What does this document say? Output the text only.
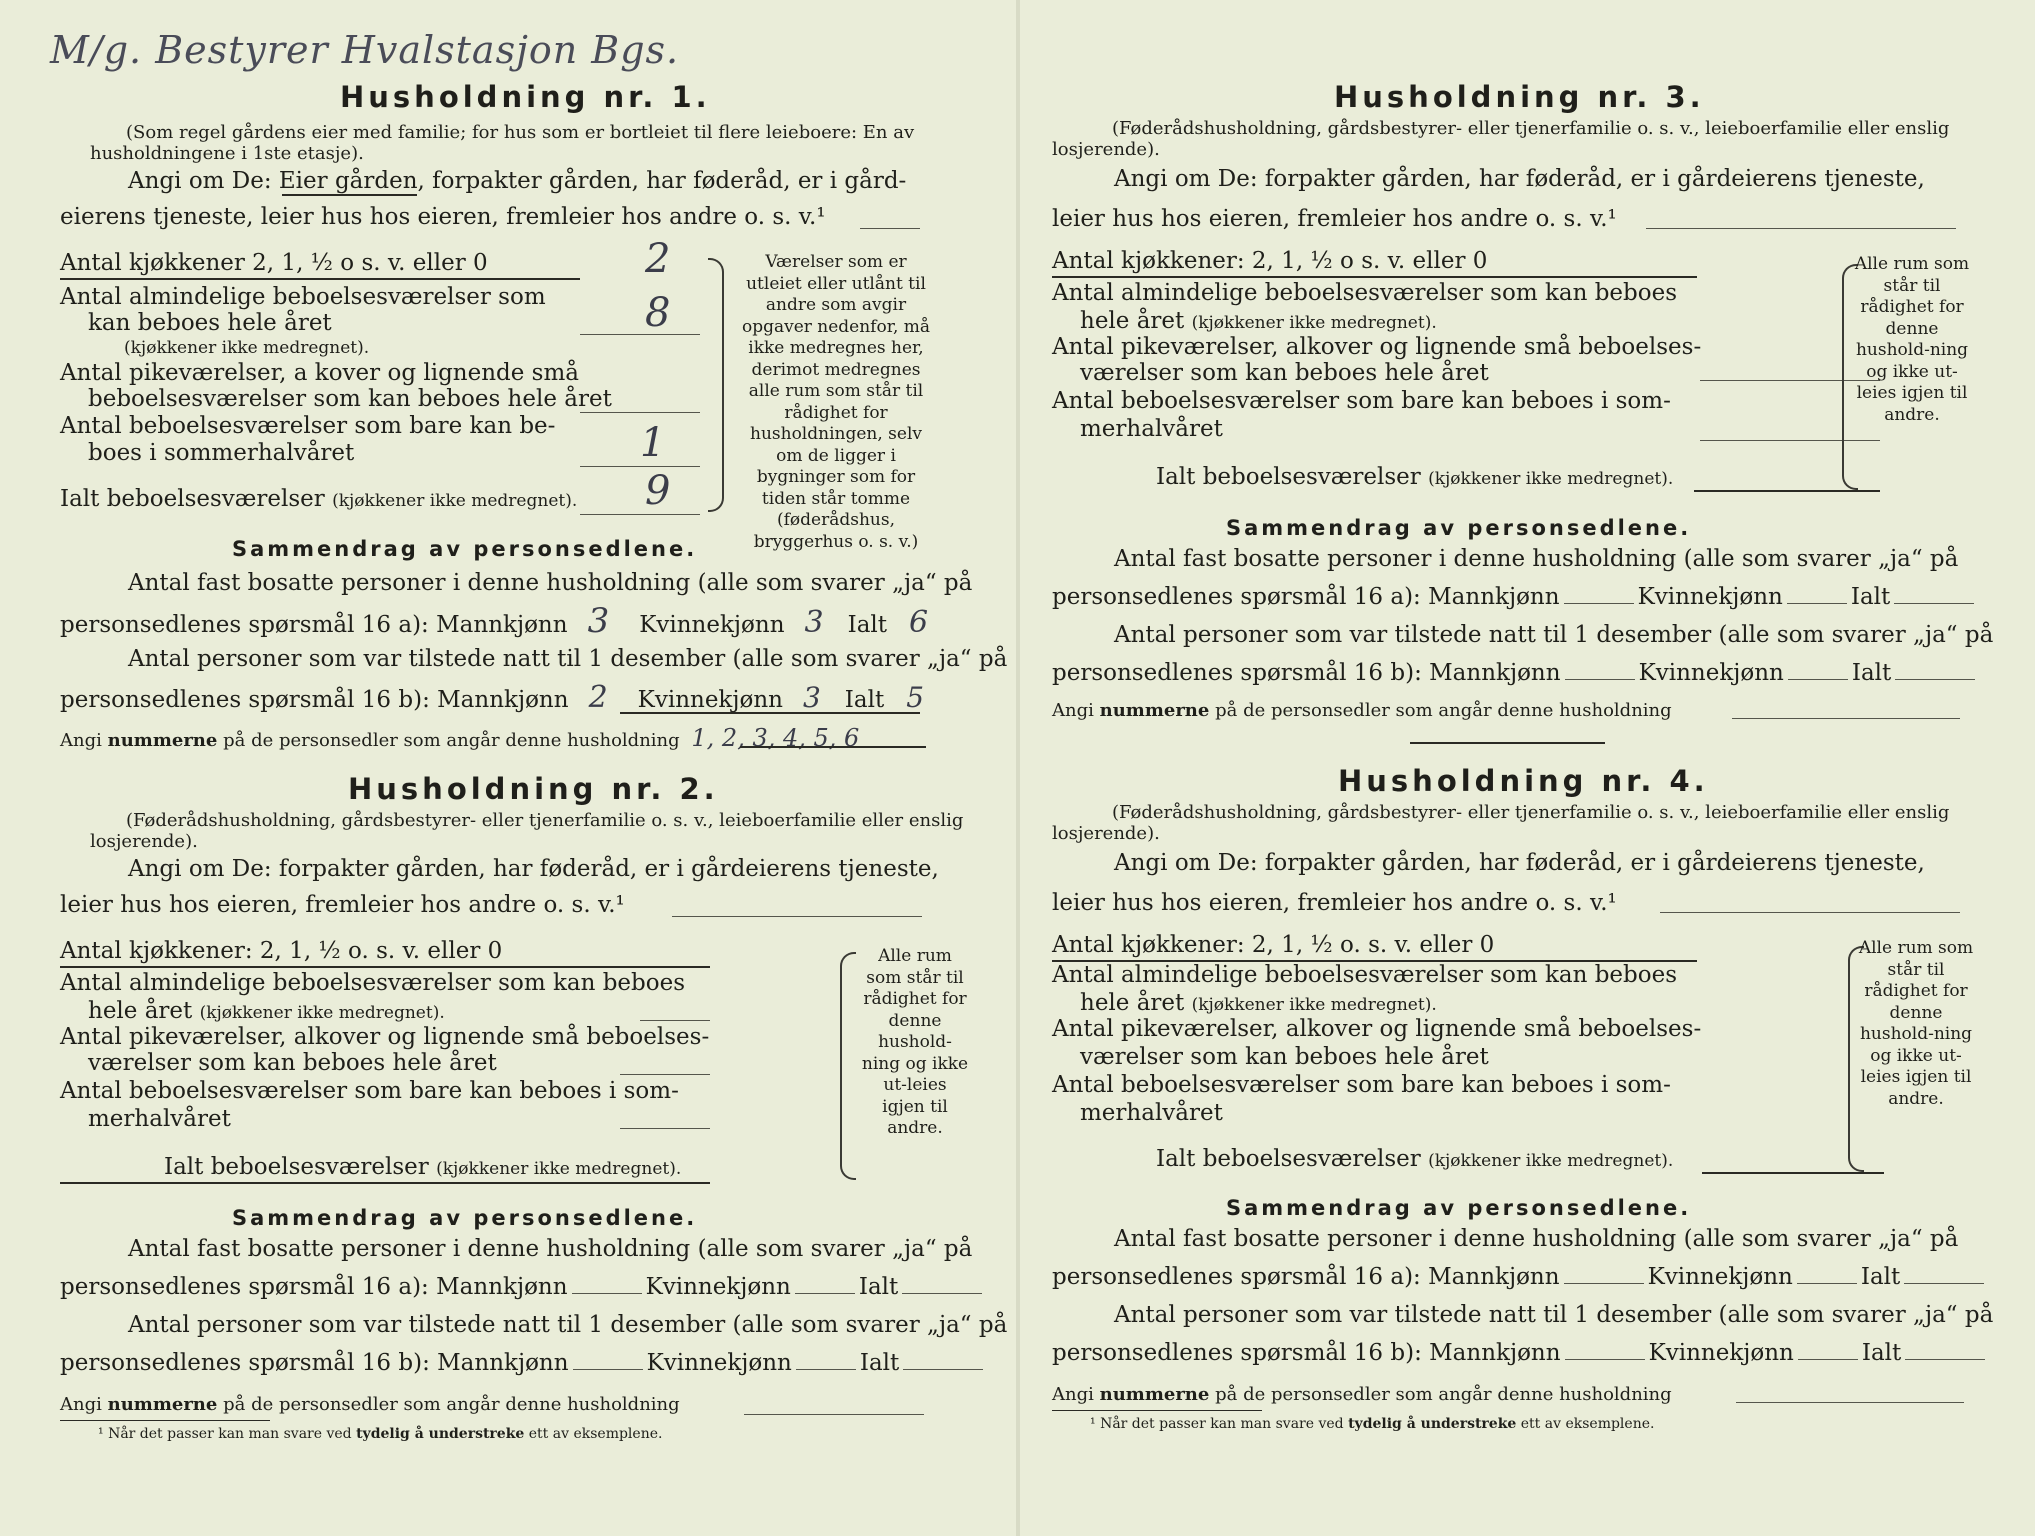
M/g. Bestyrer Hvalstasjon Bgs.
Husholdning nr. 1.
(Som regel gårdens eier med familie; for hus som er bortleiet til flere leieboere: En av husholdningene i 1ste etasje).
Angi om De: Eier gården, forpakter gården, har føderåd, er i gård-
eierens tjeneste, leier hus hos eieren, fremleier hos andre o. s. v.¹
Antal kjøkkener 2, 1, ½ o s. v. eller 0	2
Antal almindelige beboelsesværelser som
kan beboes hele året
(kjøkkener ikke medregnet).
8
Antal pikeværelser, a kover og lignende små
beboelsesværelser som kan beboes hele året
Antal beboelsesværelser som bare kan be-
boes i sommerhalvåret	1
Ialt beboelsesværelser (kjøkkener ikke medregnet). 9
Værelser som er utleiet eller utlånt til andre som avgir opgaver nedenfor, må ikke medregnes her, derimot medregnes alle rum som står til rådighet for husholdningen, selv om de ligger i bygninger som for tiden står tomme (føderådshus, bryggerhus o. s. v.)
Sammendrag av personsedlene.
Antal fast bosatte personer i denne husholdning (alle som svarer „ja“ på
personsedlenes spørsmål 16 a): Mannkjønn 3 Kvinnekjønn 3 Ialt 6
Antal personer som var tilstede natt til 1 desember (alle som svarer „ja“ på
personsedlenes spørsmål 16 b): Mannkjønn 2 Kvinnekjønn 3 Ialt 5
Angi nummerne på de personsedler som angår denne husholdning 1, 2, 3, 4, 5, 6
Husholdning nr. 2.
(Føderådshusholdning, gårdsbestyrer- eller tjenerfamilie o. s. v., leieboerfamilie eller enslig losjerende).
Angi om De: forpakter gården, har føderåd, er i gårdeierens tjeneste,
leier hus hos eieren, fremleier hos andre o. s. v.¹
Antal kjøkkener: 2, 1, ½ o. s. v. eller 0
Antal almindelige beboelsesværelser som kan beboes
hele året (kjøkkener ikke medregnet).
Antal pikeværelser, alkover og lignende små beboelses-
værelser som kan beboes hele året
Antal beboelsesværelser som bare kan beboes i som-
merhalvåret
Ialt beboelsesværelser (kjøkkener ikke medregnet).
Alle rum som står til rådighet for denne hushold-ning og ikke ut-leies igjen til andre.
Sammendrag av personsedlene.
Antal fast bosatte personer i denne husholdning (alle som svarer „ja“ på
personsedlenes spørsmål 16 a): Mannkjønn	Kvinnekjønn	Ialt
Antal personer som var tilstede natt til 1 desember (alle som svarer „ja“ på
personsedlenes spørsmål 16 b): Mannkjønn	Kvinnekjønn	Ialt
Angi nummerne på de personsedler som angår denne husholdning
¹ Når det passer kan man svare ved tydelig å understreke ett av eksemplene.
Husholdning nr. 3.
(Føderådshusholdning, gårdsbestyrer- eller tjenerfamilie o. s. v., leieboerfamilie eller enslig losjerende).
Angi om De: forpakter gården, har føderåd, er i gårdeierens tjeneste,
leier hus hos eieren, fremleier hos andre o. s. v.¹
Antal kjøkkener: 2, 1, ½ o s. v. eller 0
Antal almindelige beboelsesværelser som kan beboes
hele året (kjøkkener ikke medregnet).
Antal pikeværelser, alkover og lignende små beboelses-
værelser som kan beboes hele året
Antal beboelsesværelser som bare kan beboes i som-
merhalvåret
Ialt beboelsesværelser (kjøkkener ikke medregnet).
Alle rum som står til rådighet for denne hushold-ning og ikke ut-leies igjen til andre.
Sammendrag av personsedlene.
Antal fast bosatte personer i denne husholdning (alle som svarer „ja“ på
personsedlenes spørsmål 16 a): Mannkjønn	Kvinnekjønn	Ialt
Antal personer som var tilstede natt til 1 desember (alle som svarer „ja“ på
personsedlenes spørsmål 16 b): Mannkjønn	Kvinnekjønn	Ialt
Angi nummerne på de personsedler som angår denne husholdning
Husholdning nr. 4.
(Føderådshusholdning, gårdsbestyrer- eller tjenerfamilie o. s. v., leieboerfamilie eller enslig losjerende).
Angi om De: forpakter gården, har føderåd, er i gårdeierens tjeneste,
leier hus hos eieren, fremleier hos andre o. s. v.¹
Antal kjøkkener: 2, 1, ½ o. s. v. eller 0
Antal almindelige beboelsesværelser som kan beboes
hele året (kjøkkener ikke medregnet).
Antal pikeværelser, alkover og lignende små beboelses-
værelser som kan beboes hele året
Antal beboelsesværelser som bare kan beboes i som-
merhalvåret
Ialt beboelsesværelser (kjøkkener ikke medregnet).
Alle rum som står til rådighet for denne hushold-ning og ikke ut-leies igjen til andre.
Sammendrag av personsedlene.
Antal fast bosatte personer i denne husholdning (alle som svarer „ja“ på
personsedlenes spørsmål 16 a): Mannkjønn	Kvinnekjønn	Ialt
Antal personer som var tilstede natt til 1 desember (alle som svarer „ja“ på
personsedlenes spørsmål 16 b): Mannkjønn	Kvinnekjønn	Ialt
Angi nummerne på de personsedler som angår denne husholdning
¹ Når det passer kan man svare ved tydelig å understreke ett av eksemplene.
